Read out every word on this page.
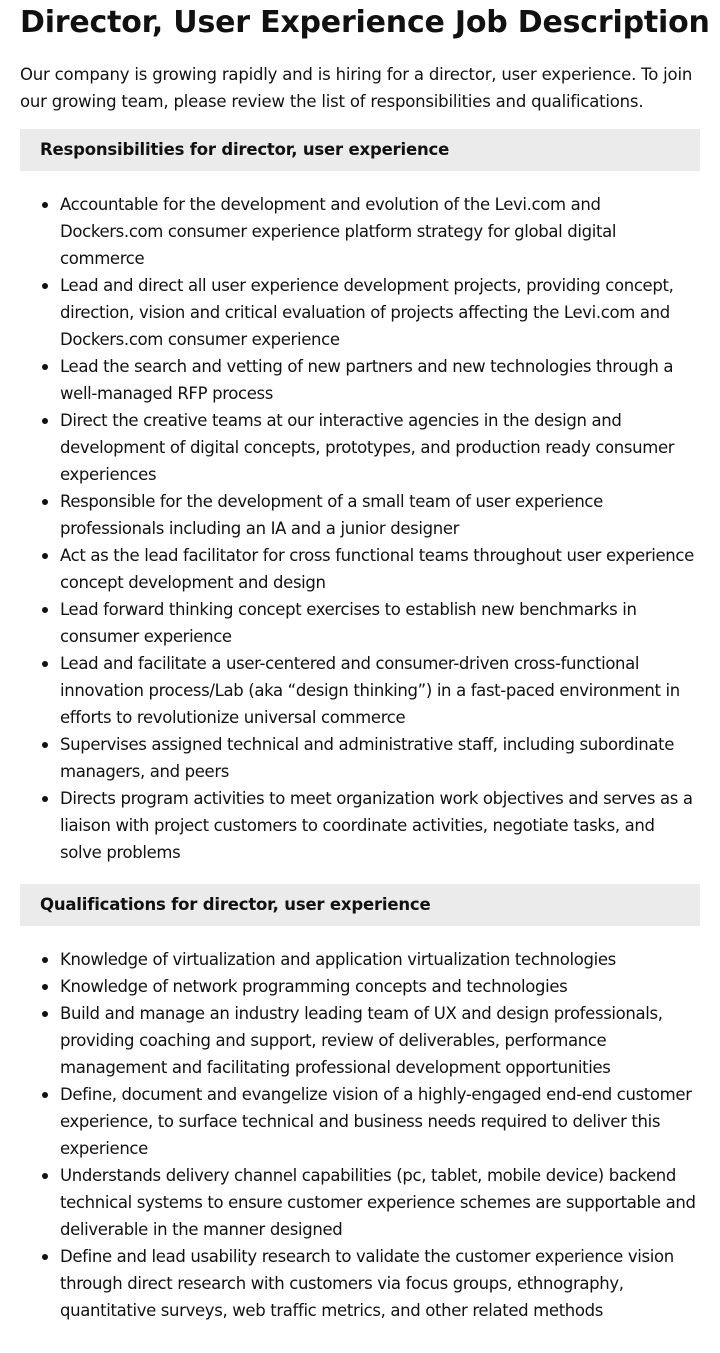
Director, User Experience Job Description

Our company is growing rapidly and is hiring for a director, user experience. To join our growing team, please review the list of responsibilities and qualifications.

Responsibilities for director, user experience
Accountable for the development and evolution of the Levi.com and Dockers.com consumer experience platform strategy for global digital commerce
Lead and direct all user experience development projects, providing concept, direction, vision and critical evaluation of projects affecting the Levi.com and Dockers.com consumer experience
Lead the search and vetting of new partners and new technologies through a well-managed RFP process
Direct the creative teams at our interactive agencies in the design and development of digital concepts, prototypes, and production ready consumer experiences
Responsible for the development of a small team of user experience professionals including an IA and a junior designer
Act as the lead facilitator for cross functional teams throughout user experience concept development and design
Lead forward thinking concept exercises to establish new benchmarks in consumer experience
Lead and facilitate a user-centered and consumer-driven cross-functional innovation process/Lab (aka “design thinking”) in a fast-paced environment in efforts to revolutionize universal commerce
Supervises assigned technical and administrative staff, including subordinate managers, and peers
Directs program activities to meet organization work objectives and serves as a liaison with project customers to coordinate activities, negotiate tasks, and solve problems
Qualifications for director, user experience
Knowledge of virtualization and application virtualization technologies
Knowledge of network programming concepts and technologies
Build and manage an industry leading team of UX and design professionals, providing coaching and support, review of deliverables, performance management and facilitating professional development opportunities
Define, document and evangelize vision of a highly-engaged end-end customer experience, to surface technical and business needs required to deliver this experience
Understands delivery channel capabilities (pc, tablet, mobile device) backend technical systems to ensure customer experience schemes are supportable and deliverable in the manner designed
Define and lead usability research to validate the customer experience vision through direct research with customers via focus groups, ethnography, quantitative surveys, web traffic metrics, and other related methods
